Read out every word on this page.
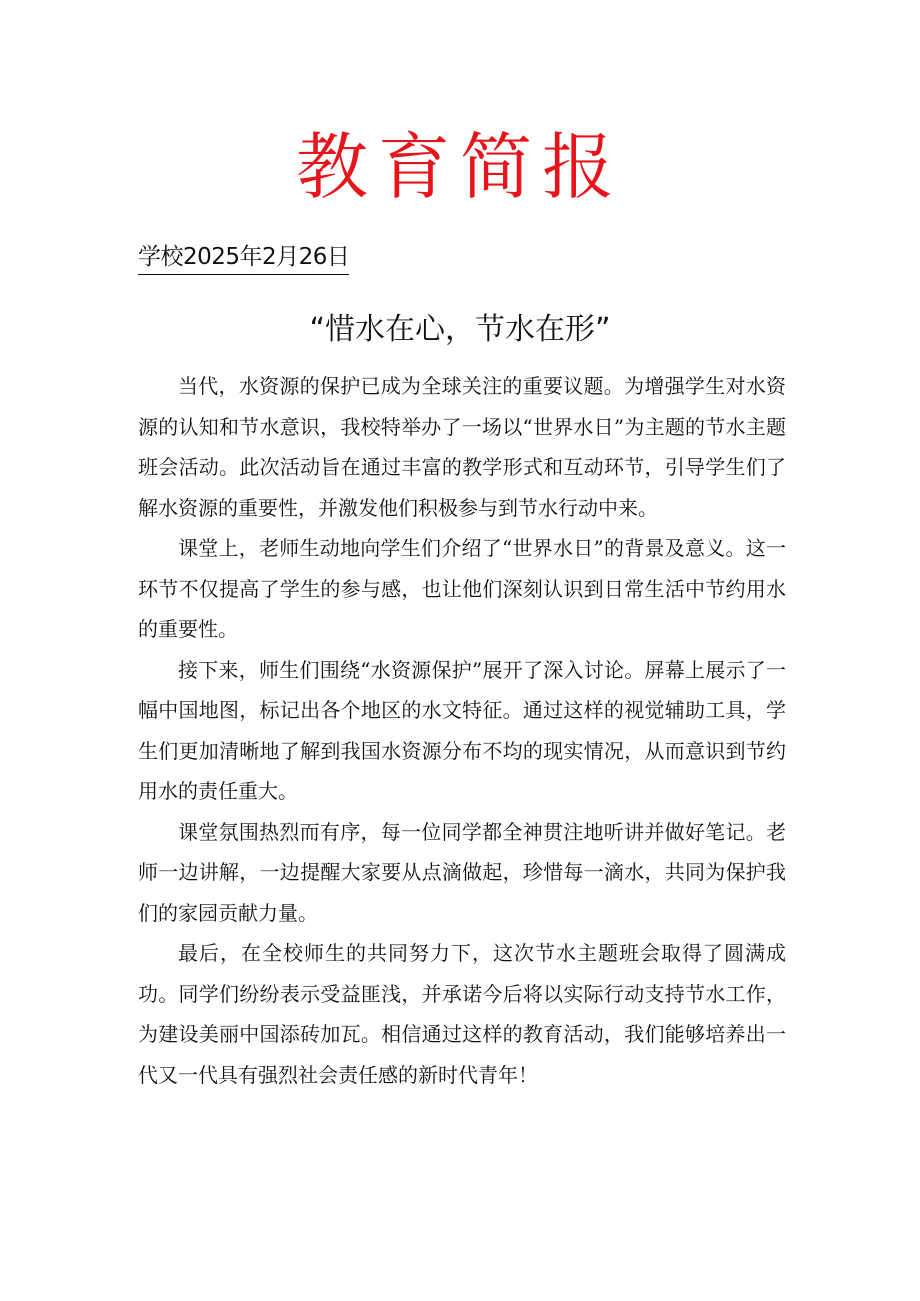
教育简报
学校2025年2月26日
“惜水在心，节水在形”

当代，水资源的保护已成为全球关注的重要议题。为增强学生对水资源的认知和节水意识，我校特举办了一场以“世界水日”为主题的节水主题班会活动。此次活动旨在通过丰富的教学形式和互动环节，引导学生们了解水资源的重要性，并激发他们积极参与到节水行动中来。

课堂上，老师生动地向学生们介绍了“世界水日”的背景及意义。这一环节不仅提高了学生的参与感，也让他们深刻认识到日常生活中节约用水的重要性。

接下来，师生们围绕“水资源保护”展开了深入讨论。屏幕上展示了一幅中国地图，标记出各个地区的水文特征。通过这样的视觉辅助工具，学生们更加清晰地了解到我国水资源分布不均的现实情况，从而意识到节约用水的责任重大。

课堂氛围热烈而有序，每一位同学都全神贯注地听讲并做好笔记。老师一边讲解，一边提醒大家要从点滴做起，珍惜每一滴水，共同为保护我们的家园贡献力量。

最后，在全校师生的共同努力下，这次节水主题班会取得了圆满成功。同学们纷纷表示受益匪浅，并承诺今后将以实际行动支持节水工作，为建设美丽中国添砖加瓦。相信通过这样的教育活动，我们能够培养出一代又一代具有强烈社会责任感的新时代青年！
